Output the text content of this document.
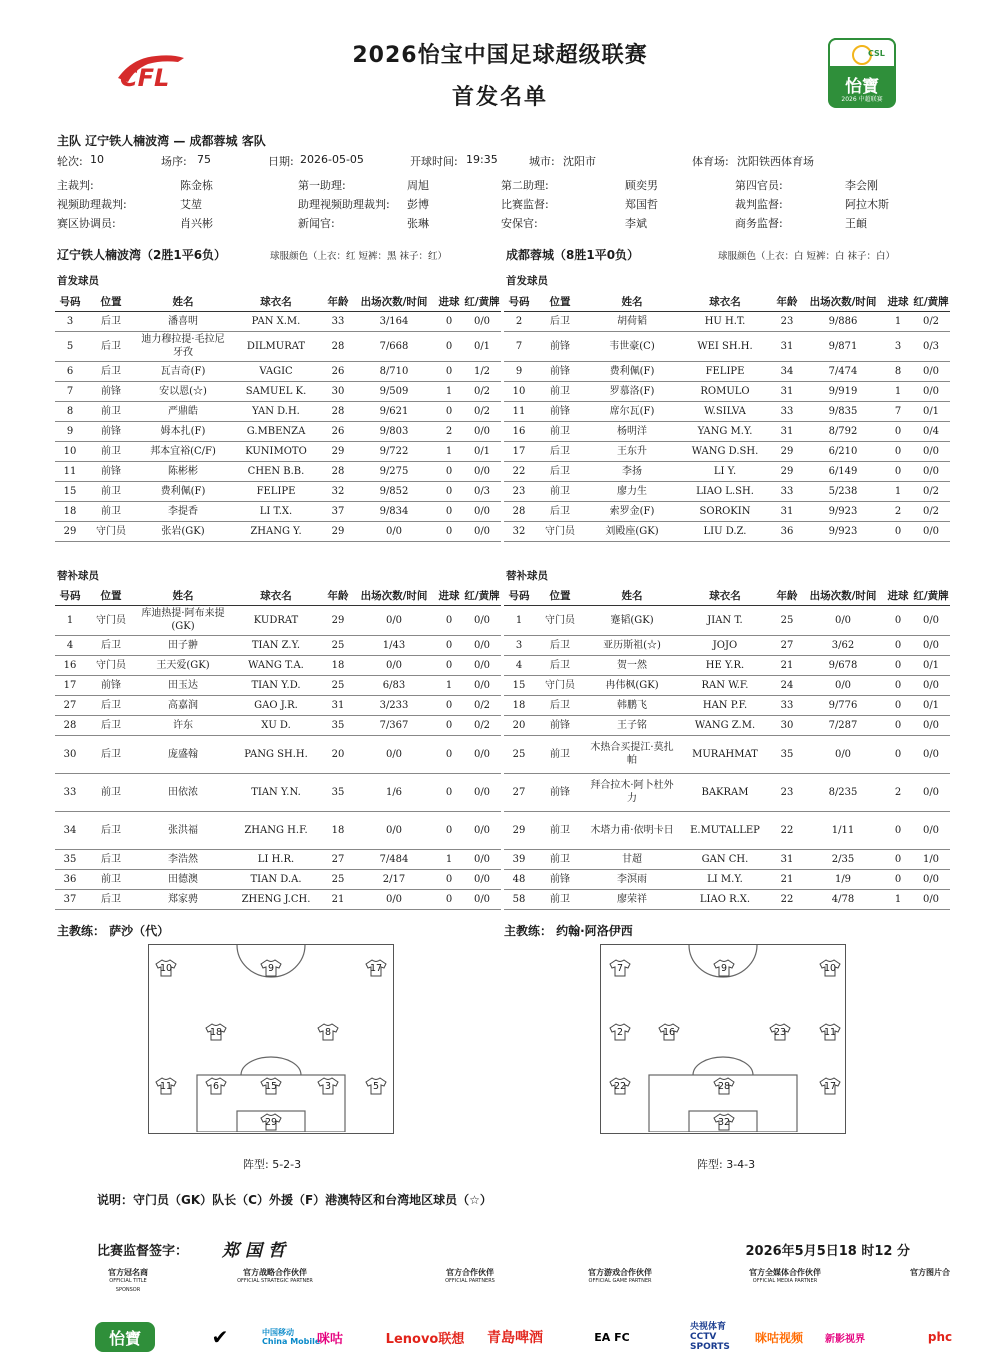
CFL
CSL
怡寶
2026 中超联赛
2026怡宝中国足球超级联赛
首发名单
主队 辽宁铁人楠波湾 — 成都蓉城 客队
轮次: 10	场序: 75	日期: 2026-05-05	开球时间: 19:35	城市: 沈阳市	体育场: 沈阳铁西体育场
主裁判:	陈金栋	第一助理:	周旭	第二助理:	顾奕男	第四官员:	李会刚
视频助理裁判:	艾堃	助理视频助理裁判: 彭博	比赛监督:	郑国哲	裁判监督:	阿拉木斯
赛区协调员:	肖兴彬	新闻官:	张琳	安保官:	李斌	商务监督:	王頔
辽宁铁人楠波湾（2胜1平6负）	球服颜色（上衣：红 短裤：黑 袜子：红）	成都蓉城（8胜1平0负）	球服颜色（上衣：白 短裤：白 袜子：白）
首发球员	首发球员
替补球员	替补球员
号码	位置	姓名	球衣名	年龄	出场次数/时间	进球	红/黄牌
3	后卫	潘喜明	PAN X.M.	33	3/164	0	0/0
5	后卫	迪力穆拉提·毛拉尼牙孜	DILMURAT	28	7/668	0	0/1
6	后卫	瓦吉奇(F)	VAGIC	26	8/710	0	1/2
7	前锋	安以恩(☆)	SAMUEL K.	30	9/509	1	0/2
8	前卫	严鼎皓	YAN D.H.	28	9/621	0	0/2
9	前锋	姆本扎(F)	G.MBENZA	26	9/803	2	0/0
10	前卫	邦本宜裕(C/F)	KUNIMOTO	29	9/722	1	0/1
11	前锋	陈彬彬	CHEN B.B.	28	9/275	0	0/0
15	前卫	费利佩(F)	FELIPE	32	9/852	0	0/3
18	前卫	李提香	LI T.X.	37	9/834	0	0/0
29	守门员	张岩(GK)	ZHANG Y.	29	0/0	0	0/0
号码	位置	姓名	球衣名	年龄	出场次数/时间	进球	红/黄牌
2	后卫	胡荷韬	HU H.T.	23	9/886	1	0/2
7	前锋	韦世豪(C)	WEI SH.H.	31	9/871	3	0/3
9	前锋	费利佩(F)	FELIPE	34	7/474	8	0/0
10	前卫	罗慕洛(F)	ROMULO	31	9/919	1	0/0
11	前锋	席尔瓦(F)	W.SILVA	33	9/835	7	0/1
16	前卫	杨明洋	YANG M.Y.	31	8/792	0	0/4
17	后卫	王东升	WANG D.SH.	29	6/210	0	0/0
22	后卫	李扬	LI Y.	29	6/149	0	0/0
23	前卫	廖力生	LIAO L.SH.	33	5/238	1	0/2
28	后卫	索罗金(F)	SOROKIN	31	9/923	2	0/2
32	守门员	刘殿座(GK)	LIU D.Z.	36	9/923	0	0/0
号码	位置	姓名	球衣名	年龄	出场次数/时间	进球	红/黄牌
1	守门员	库迪热提·阿布来提(GK)	KUDRAT	29	0/0	0	0/0
4	后卫	田子翀	TIAN Z.Y.	25	1/43	0	0/0
16	守门员	王天爱(GK)	WANG T.A.	18	0/0	0	0/0
17	前锋	田玉达	TIAN Y.D.	25	6/83	1	0/0
27	后卫	高嘉润	GAO J.R.	31	3/233	0	0/2
28	后卫	许东	XU D.	35	7/367	0	0/2
30	后卫	庞盛翰	PANG SH.H.	20	0/0	0	0/0
33	前卫	田依浓	TIAN Y.N.	35	1/6	0	0/0
34	后卫	张洪福	ZHANG H.F.	18	0/0	0	0/0
35	后卫	李浩然	LI H.R.	27	7/484	1	0/0
36	前卫	田德澳	TIAN D.A.	25	2/17	0	0/0
37	后卫	郑家骋	ZHENG J.CH.	21	0/0	0	0/0
号码	位置	姓名	球衣名	年龄	出场次数/时间	进球	红/黄牌
1	守门员	蹇韬(GK)	JIAN T.	25	0/0	0	0/0
3	后卫	亚历斯祖(☆)	JOJO	27	3/62	0	0/0
4	后卫	贺一然	HE Y.R.	21	9/678	0	0/1
15	守门员	冉伟枫(GK)	RAN W.F.	24	0/0	0	0/0
18	后卫	韩鹏飞	HAN P.F.	33	9/776	0	0/1
20	前锋	王子铭	WANG Z.M.	30	7/287	0	0/0
25	前卫	木热合买提江·莫扎帕	MURAHMAT	35	0/0	0	0/0
27	前锋	拜合拉木·阿卜杜外力	BAKRAM	23	8/235	2	0/0
29	前卫	木塔力甫·依明卡日	E.MUTALLEP	22	1/11	0	0/0
39	前卫	甘超	GAN CH.	31	2/35	0	1/0
48	前锋	李溟雨	LI M.Y.	21	1/9	0	0/0
58	前卫	廖荣祥	LIAO R.X.	22	4/78	1	0/0
主教练： 萨沙（代）	主教练： 约翰·阿洛伊西
10	9	17
18	8
11	6	15	3	5
29
7	9	10
2	16	23	11
22	28	17
32
阵型: 5-2-3	阵型: 3-4-3
说明：守门员（GK）队长（C）外援（F）港澳特区和台湾地区球员（☆）
比赛监督签字： 郑国哲	2026年5月5日18 时12 分
官方冠名商
OFFICIAL TITLE SPONSOR
官方战略合作伙伴
OFFICIAL STRATEGIC PARTNER
官方合作伙伴
OFFICIAL PARTNERS
官方游戏合作伙伴
OFFICIAL GAME PARTNER
官方全媒体合作伙伴
OFFICIAL MEDIA PARTNER
官方图片合
怡寶	✔	中国移动 China Mobile
咪咕	Lenovo联想 青島啤酒	EA FC
央视体育 CCTV SPORTS
咪咕视频	新影视界	phc
